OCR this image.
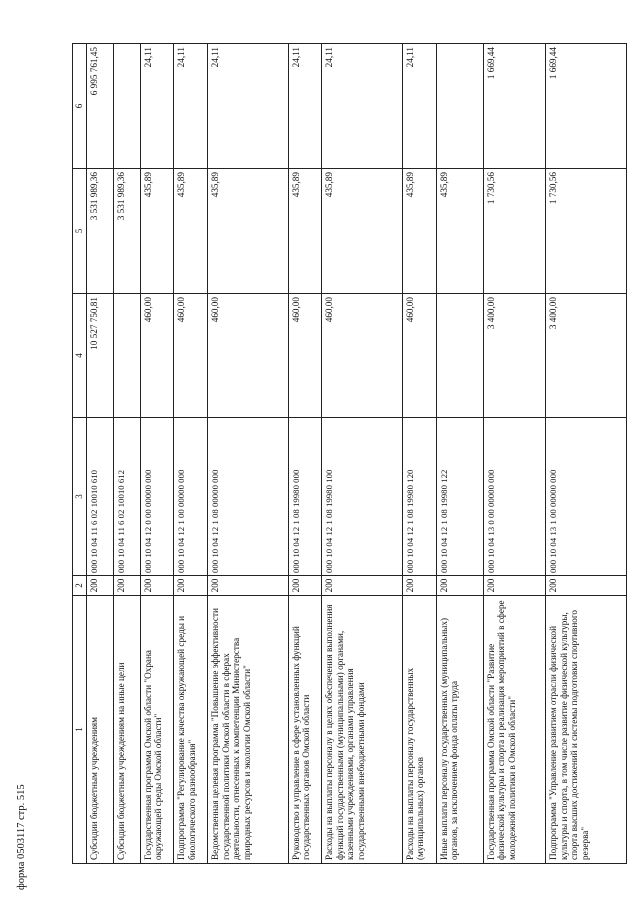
форма 0503117 стр. 515
1	2	3	4	5	6
Субсидии бюджетным учреждениям	200	000 10 04 11 6 02 10010 610	10 527 750,81	3 531 989,36	6 995 761,45
Субсидии бюджетным учреждениям на иные цели	200	000 10 04 11 6 02 10010 612		3 531 989,36	
Государственная программа Омской области "Охрана окружающей среды Омской области"	200	000 10 04 12 0 00 00000 000	460,00	435,89	24,11
Подпрограмма "Регулирование качества окружающей среды и биологического разнообразия"	200	000 10 04 12 1 00 00000 000	460,00	435,89	24,11
Ведомственная целевая программа "Повышение эффективности государственной политики Омской области в сферах деятельности, отнесенных к компетенции Министерства природных ресурсов и экологии Омской области"	200	000 10 04 12 1 08 00000 000	460,00	435,89	24,11
Руководство и управление в сфере установленных функций государственных органов Омской области	200	000 10 04 12 1 08 19980 000	460,00	435,89	24,11
Расходы на выплаты персоналу в целях обеспечения выполнения функций государственными (муниципальными) органами, казенными учреждениями, органами управления государственными внебюджетными фондами	200	000 10 04 12 1 08 19980 100	460,00	435,89	24,11
Расходы на выплаты персоналу государственных (муниципальных) органов	200	000 10 04 12 1 08 19980 120	460,00	435,89	24,11
Иные выплаты персоналу государственных (муниципальных) органов, за исключением фонда оплаты труда	200	000 10 04 12 1 08 19980 122		435,89	
Государственная программа Омской области "Развитие физической культуры и спорта и реализация мероприятий в сфере молодежной политики в Омской области"	200	000 10 04 13 0 00 00000 000	3 400,00	1 730,56	1 669,44
Подпрограмма "Управление развитием отрасли физической культуры и спорта, в том числе развитие физической культуры, спорта высших достижений и системы подготовки спортивного резерва"	200	000 10 04 13 1 00 00000 000	3 400,00	1 730,56	1 669,44
